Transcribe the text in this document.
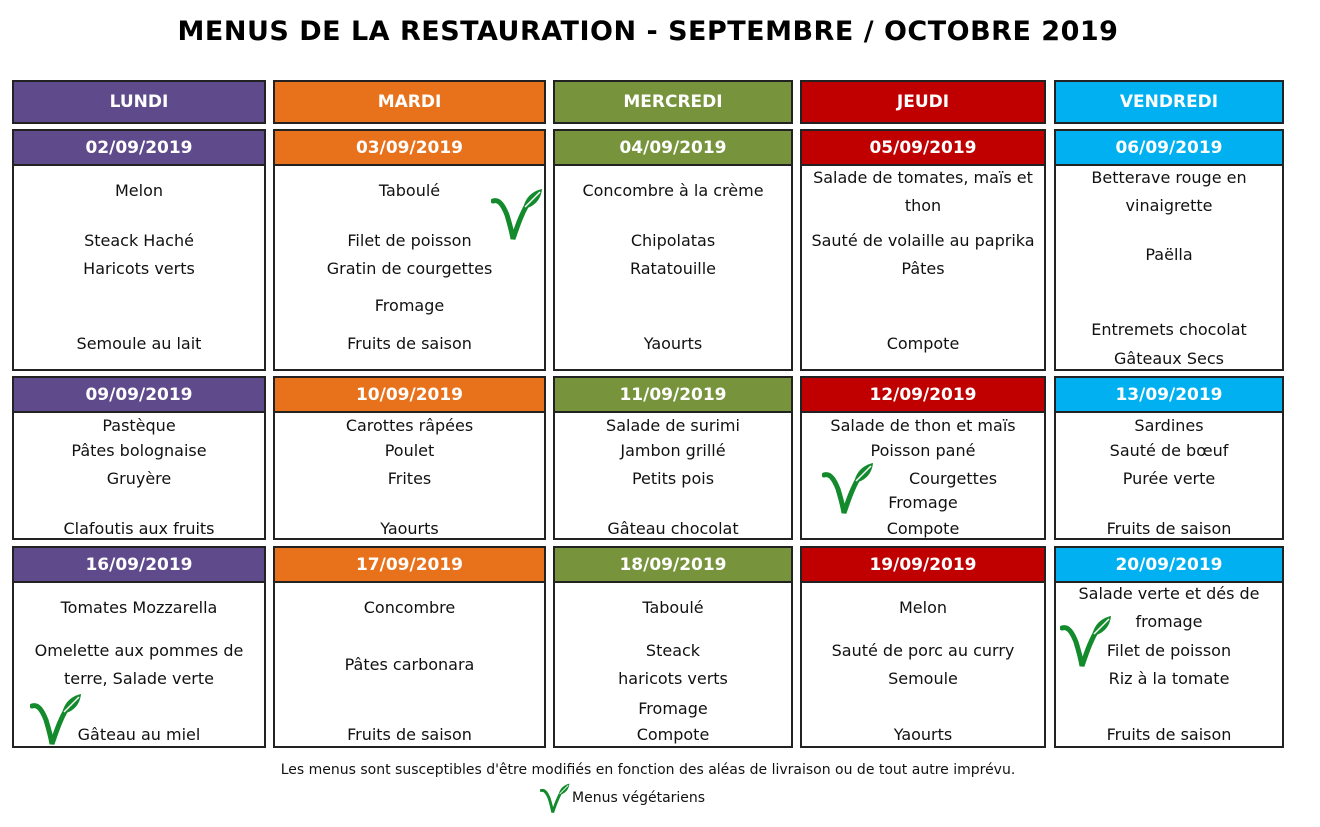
MENUS DE LA RESTAURATION - SEPTEMBRE / OCTOBRE 2019
LUNDI	MARDI	MERCREDI	JEUDI	VENDREDI
02/09/2019
Melon
Steack Haché
Haricots verts
Semoule au lait
03/09/2019
Taboulé
Filet de poisson
Gratin de courgettes
Fromage
Fruits de saison
04/09/2019
Concombre à la crème
Chipolatas
Ratatouille
Yaourts
05/09/2019
Salade de tomates, maïs et
thon
Sauté de volaille au paprika
Pâtes
Compote
06/09/2019
Betterave rouge en
vinaigrette
Paëlla
Entremets chocolat
Gâteaux Secs
09/09/2019
Pastèque
Pâtes bolognaise
Gruyère
Clafoutis aux fruits
10/09/2019
Carottes râpées
Poulet
Frites
Yaourts
11/09/2019
Salade de surimi
Jambon grillé
Petits pois
Gâteau chocolat
12/09/2019
Salade de thon et maïs
Poisson pané
Courgettes
Fromage
Compote
13/09/2019
Sardines
Sauté de bœuf
Purée verte
Fruits de saison
16/09/2019
Tomates Mozzarella
Omelette aux pommes de
terre, Salade verte
Gâteau au miel
17/09/2019
Concombre
Pâtes carbonara
Fruits de saison
18/09/2019
Taboulé
Steack
haricots verts
Fromage
Compote
19/09/2019
Melon
Sauté de porc au curry
Semoule
Yaourts
20/09/2019
Salade verte et dés de
fromage
Filet de poisson
Riz à la tomate
Fruits de saison
Les menus sont susceptibles d'être modifiés en fonction des aléas de livraison ou de tout autre imprévu.
Menus végétariens
